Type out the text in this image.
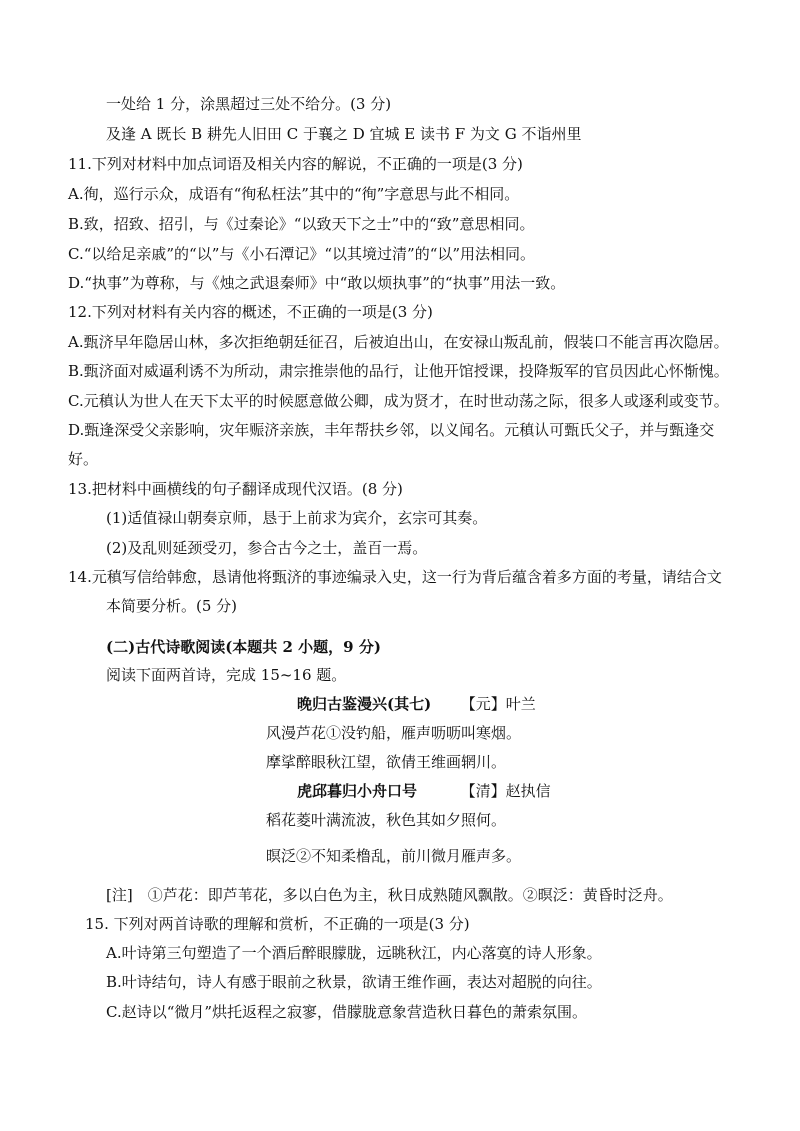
一处给 1 分，涂黑超过三处不给分。(3 分)
及逢 A 既长 B 耕先人旧田 C 于襄之 D 宜城 E 读书 F 为文 G 不诣州里
11.下列对材料中加点词语及相关内容的解说，不正确的一项是(3 分)
A.徇，巡行示众，成语有“徇私枉法”其中的“徇”字意思与此不相同。
B.致，招致、招引，与《过秦论》“以致天下之士”中的“致”意思相同。
C.“以给足亲戚”的“以”与《小石潭记》“以其境过清”的“以”用法相同。
D.“执事”为尊称，与《烛之武退秦师》中“敢以烦执事”的“执事”用法一致。
12.下列对材料有关内容的概述，不正确的一项是(3 分)
A.甄济早年隐居山林，多次拒绝朝廷征召，后被迫出山，在安禄山叛乱前，假装口不能言再次隐居。
B.甄济面对威逼利诱不为所动，肃宗推崇他的品行，让他开馆授课，投降叛军的官员因此心怀惭愧。
C.元稹认为世人在天下太平的时候愿意做公卿，成为贤才，在时世动荡之际，很多人或逐利或变节。
D.甄逢深受父亲影响，灾年赈济亲族，丰年帮扶乡邻，以义闻名。元稹认可甄氏父子，并与甄逢交
好。
13.把材料中画横线的句子翻译成现代汉语。(8 分)
(1)适值禄山朝奏京师，恳于上前求为宾介，玄宗可其奏。
(2)及乱则延颈受刃，参合古今之士，盖百一焉。
14.元稹写信给韩愈，恳请他将甄济的事迹编录入史，这一行为背后蕴含着多方面的考量，请结合文
本简要分析。(5 分)
(二)古代诗歌阅读(本题共 2 小题，9 分)
阅读下面两首诗，完成 15~16 题。
晚归古鉴漫兴(其七) 【元】叶兰
风漫芦花①没钓船，雁声呖呖叫寒烟。
摩挲醉眼秋江望，欲倩王维画辋川。
虎邱暮归小舟口号	【清】赵执信
稻花菱叶满流波，秋色其如夕照何。
暝泛②不知柔橹乱，前川微月雁声多。
[注]　①芦花：即芦苇花，多以白色为主，秋日成熟随风飘散。②暝泛：黄昏时泛舟。
15. 下列对两首诗歌的理解和赏析，不正确的一项是(3 分)
A.叶诗第三句塑造了一个酒后醉眼朦胧，远眺秋江，内心落寞的诗人形象。
B.叶诗结句，诗人有感于眼前之秋景，欲请王维作画，表达对超脱的向往。
C.赵诗以“微月”烘托返程之寂寥，借朦胧意象营造秋日暮色的萧索氛围。
